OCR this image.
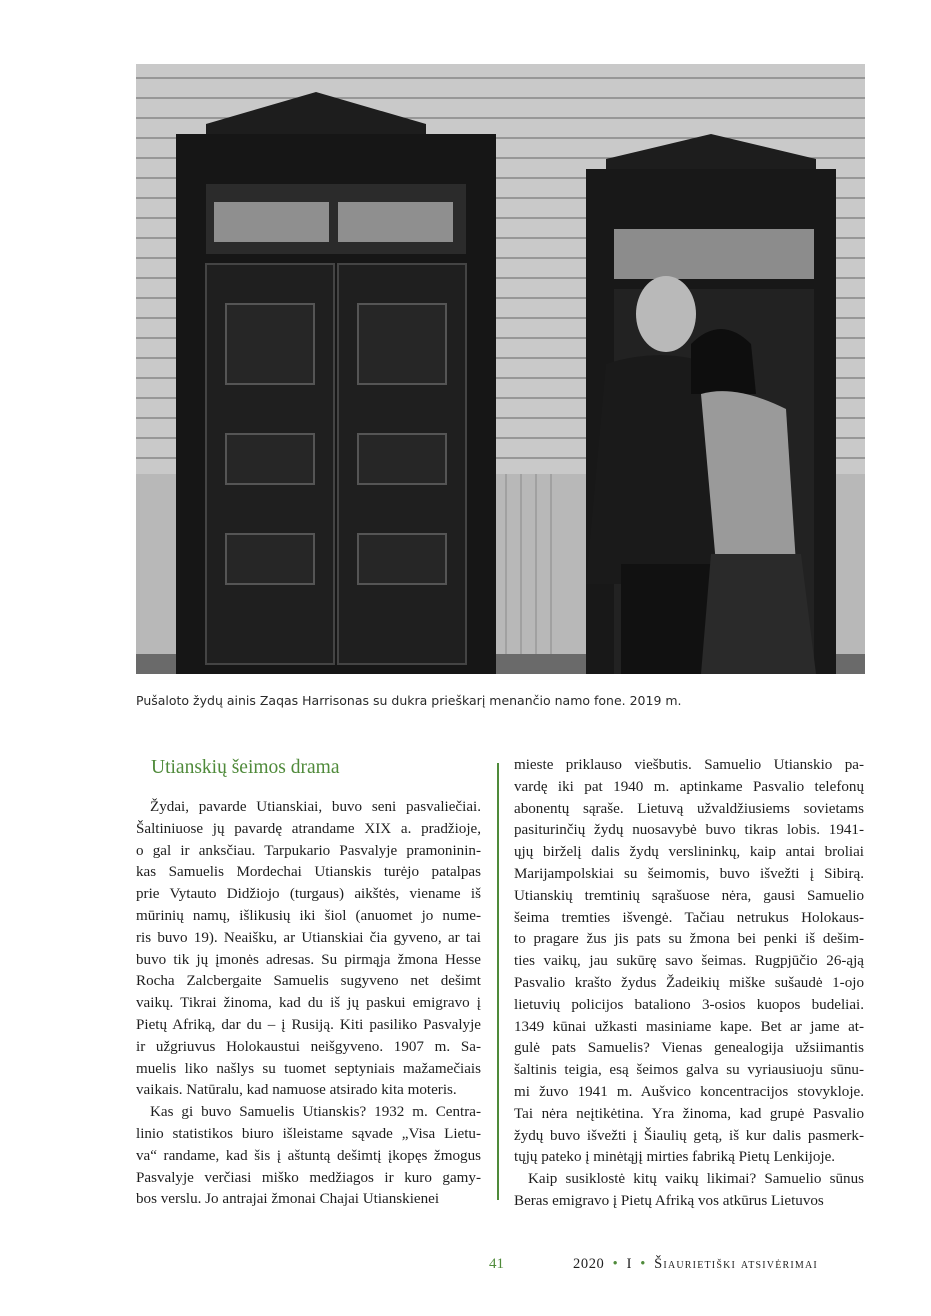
Pušaloto žydų ainis Zaqas Harrisonas su dukra prieškarį menančio namo fone. 2019 m.
Utianskių šeimos drama

Žydai, pavarde Utianskiai, buvo seni pasvaliečiai.

Šaltiniuose jų pavardę atrandame XIX a. pradžioje,

o gal ir anksčiau. Tarpukario Pasvalyje pramoninin-

kas Samuelis Mordechai Utianskis turėjo patalpas

prie Vytauto Didžiojo (turgaus) aikštės, viename iš

mūrinių namų, išlikusių iki šiol (anuomet jo nume-

ris buvo 19). Neaišku, ar Utianskiai čia gyveno, ar tai

buvo tik jų įmonės adresas. Su pirmąja žmona Hesse

Rocha Zalcbergaite Samuelis sugyveno net dešimt

vaikų. Tikrai žinoma, kad du iš jų paskui emigravo į

Pietų Afriką, dar du – į Rusiją. Kiti pasiliko Pasvalyje

ir užgriuvus Holokaustui neišgyveno. 1907 m. Sa-

muelis liko našlys su tuomet septyniais mažamečiais

vaikais. Natūralu, kad namuose atsirado kita moteris.

Kas gi buvo Samuelis Utianskis? 1932 m. Centra-

linio statistikos biuro išleistame sąvade „Visa Lietu-

va“ randame, kad šis į aštuntą dešimtį įkopęs žmogus

Pasvalyje verčiasi miško medžiagos ir kuro gamy-

bos verslu. Jo antrajai žmonai Chajai Utianskienei

mieste priklauso viešbutis. Samuelio Utianskio pa-

vardę iki pat 1940 m. aptinkame Pasvalio telefonų

abonentų sąraše. Lietuvą užvaldžiusiems sovietams

pasiturinčių žydų nuosavybė buvo tikras lobis. 1941-

ųjų birželį dalis žydų verslininkų, kaip antai broliai

Marijampolskiai su šeimomis, buvo išvežti į Sibirą.

Utianskių tremtinių sąrašuose nėra, gausi Samuelio

šeima tremties išvengė. Tačiau netrukus Holokaus-

to pragare žus jis pats su žmona bei penki iš dešim-

ties vaikų, jau sukūrę savo šeimas. Rugpjūčio 26-ąją

Pasvalio krašto žydus Žadeikių miške sušaudė 1-ojo

lietuvių policijos bataliono 3-osios kuopos budeliai.

1349 kūnai užkasti masiniame kape. Bet ar jame at-

gulė pats Samuelis? Vienas genealogija užsiimantis

šaltinis teigia, esą šeimos galva su vyriausiuoju sūnu-

mi žuvo 1941 m. Aušvico koncentracijos stovykloje.

Tai nėra neįtikėtina. Yra žinoma, kad grupė Pasvalio

žydų buvo išvežti į Šiaulių getą, iš kur dalis pasmerk-

tųjų pateko į minėtąjį mirties fabriką Pietų Lenkijoje.

Kaip susiklostė kitų vaikų likimai? Samuelio sūnus

Beras emigravo į Pietų Afriką vos atkūrus Lietuvos

41	2020 • I • Šiaurietiški atsivėrimai
